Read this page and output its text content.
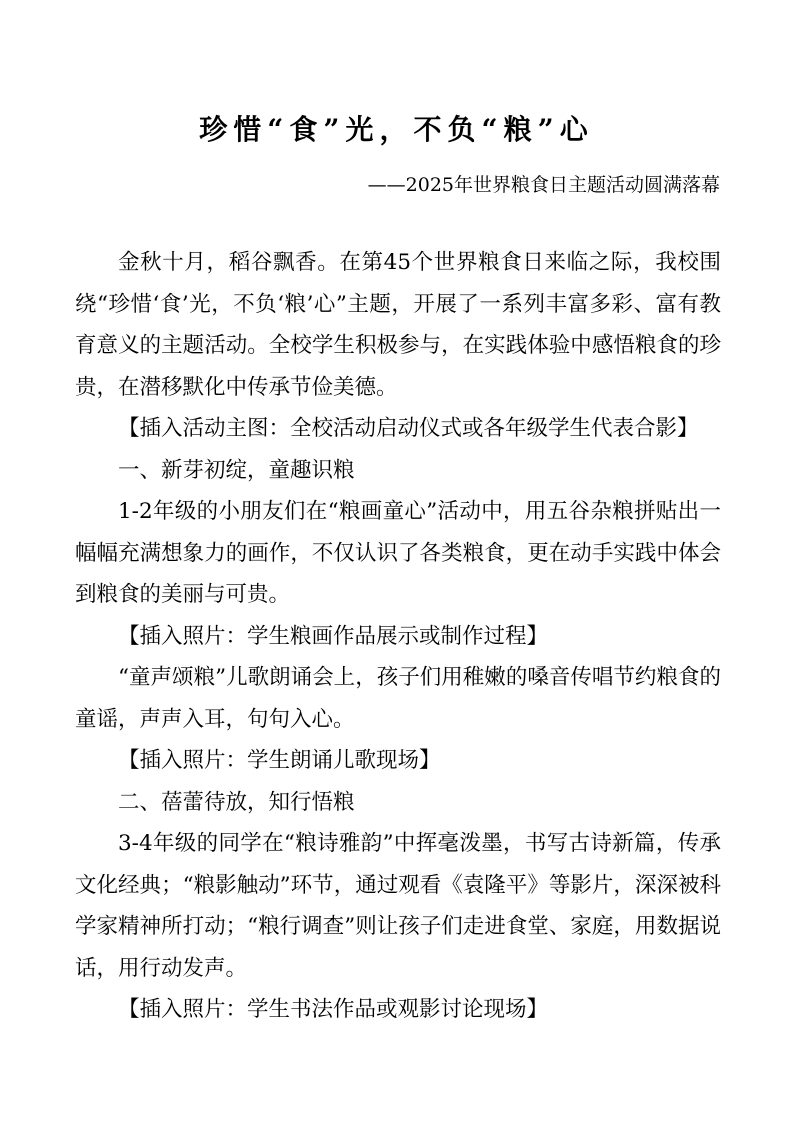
珍惜“食”光，不负“粮”心
——2025年世界粮食日主题活动圆满落幕

金秋十月，稻谷飘香。在第45个世界粮食日来临之际，我校围绕“珍惜‘食’光，不负‘粮’心”主题，开展了一系列丰富多彩、富有教育意义的主题活动。全校学生积极参与，在实践体验中感悟粮食的珍贵，在潜移默化中传承节俭美德。

【插入活动主图：全校活动启动仪式或各年级学生代表合影】

一、新芽初绽，童趣识粮

1-2年级的小朋友们在“粮画童心”活动中，用五谷杂粮拼贴出一幅幅充满想象力的画作，不仅认识了各类粮食，更在动手实践中体会到粮食的美丽与可贵。

【插入照片：学生粮画作品展示或制作过程】

“童声颂粮”儿歌朗诵会上，孩子们用稚嫩的嗓音传唱节约粮食的童谣，声声入耳，句句入心。

【插入照片：学生朗诵儿歌现场】

二、蓓蕾待放，知行悟粮

3-4年级的同学在“粮诗雅韵”中挥毫泼墨，书写古诗新篇，传承文化经典；“粮影触动”环节，通过观看《袁隆平》等影片，深深被科学家精神所打动；“粮行调查”则让孩子们走进食堂、家庭，用数据说话，用行动发声。

【插入照片：学生书法作品或观影讨论现场】
